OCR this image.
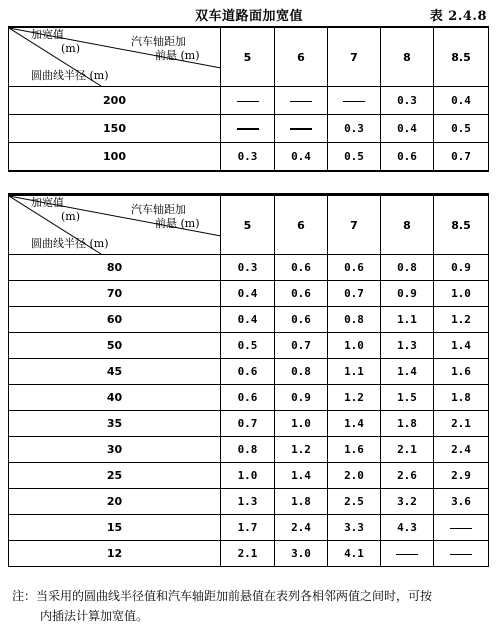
双车道路面加宽值	表 2.4.8
加宽值
(m)
汽车轴距加
前悬 (m)
圆曲线半径 (m)	5	6	7	8	8.5
200				0.3	0.4
150			0.3	0.4	0.5
100	0.3	0.4	0.5	0.6	0.7
加宽值
(m)
汽车轴距加
前悬 (m)
圆曲线半径 (m)	5	6	7	8	8.5
80	0.3	0.6	0.6	0.8	0.9
70	0.4	0.6	0.7	0.9	1.0
60	0.4	0.6	0.8	1.1	1.2
50	0.5	0.7	1.0	1.3	1.4
45	0.6	0.8	1.1	1.4	1.6
40	0.6	0.9	1.2	1.5	1.8
35	0.7	1.0	1.4	1.8	2.1
30	0.8	1.2	1.6	2.1	2.4
25	1.0	1.4	2.0	2.6	2.9
20	1.3	1.8	2.5	3.2	3.6
15	1.7	2.4	3.3	4.3	
12	2.1	3.0	4.1		
注：当采用的圆曲线半径值和汽车轴距加前悬值在表列各相邻两值之间时，可按
内插法计算加宽值。
